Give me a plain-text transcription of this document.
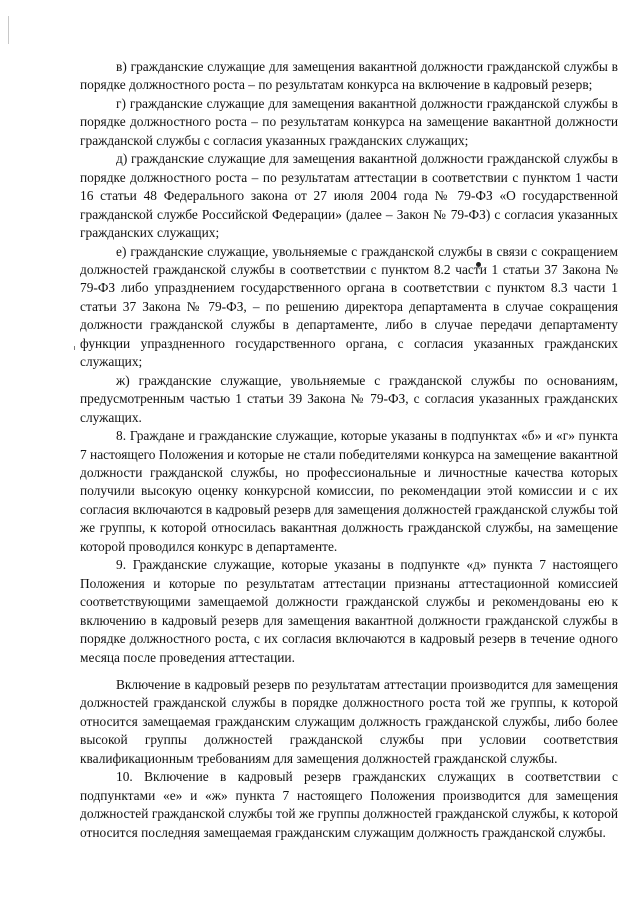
в) гражданские служащие для замещения вакантной должности гражданской службы в порядке должностного роста – по результатам конкурса на включение в кадровый резерв;

г) гражданские служащие для замещения вакантной должности гражданской службы в порядке должностного роста – по результатам конкурса на замещение вакантной должности гражданской службы с согласия указанных гражданских служащих;

д) гражданские служащие для замещения вакантной должности гражданской службы в порядке должностного роста – по результатам аттестации в соответствии с пунктом 1 части 16 статьи 48 Федерального закона от 27 июля 2004 года № 79-ФЗ «О государственной гражданской службе Российской Федерации» (далее – Закон № 79-ФЗ) с согласия указанных гражданских служащих;

е) гражданские служащие, увольняемые с гражданской службы в связи с сокращением должностей гражданской службы в соответствии с пунктом 8.2 части 1 статьи 37 Закона № 79-ФЗ либо упразднением государственного органа в соответствии с пунктом 8.3 части 1 статьи 37 Закона № 79-ФЗ, – по решению директора департамента в случае сокращения должности гражданской службы в департаменте, либо в случае передачи департаменту функции упраздненного государственного органа, с согласия указанных гражданских служащих;

ж) гражданские служащие, увольняемые с гражданской службы по основаниям, предусмотренным частью 1 статьи 39 Закона № 79-ФЗ, с согласия указанных гражданских служащих.

8. Граждане и гражданские служащие, которые указаны в подпунктах «б» и «г» пункта 7 настоящего Положения и которые не стали победителями конкурса на замещение вакантной должности гражданской службы, но профессиональные и личностные качества которых получили высокую оценку конкурсной комиссии, по рекомендации этой комиссии и с их согласия включаются в кадровый резерв для замещения должностей гражданской службы той же группы, к которой относилась вакантная должность гражданской службы, на замещение которой проводился конкурс в департаменте.

9. Гражданские служащие, которые указаны в подпункте «д» пункта 7 настоящего Положения и которые по результатам аттестации признаны аттестационной комиссией соответствующими замещаемой должности гражданской службы и рекомендованы ею к включению в кадровый резерв для замещения вакантной должности гражданской службы в порядке должностного роста, с их согласия включаются в кадровый резерв в течение одного месяца после проведения аттестации.

Включение в кадровый резерв по результатам аттестации производится для замещения должностей гражданской службы в порядке должностного роста той же группы, к которой относится замещаемая гражданским служащим должность гражданской службы, либо более высокой группы должностей гражданской службы при условии соответствия квалификационным требованиям для замещения должностей гражданской службы.

10. Включение в кадровый резерв гражданских служащих в соответствии с подпунктами «е» и «ж» пункта 7 настоящего Положения производится для замещения должностей гражданской службы той же группы должностей гражданской службы, к которой относится последняя замещаемая гражданским служащим должность гражданской службы.
